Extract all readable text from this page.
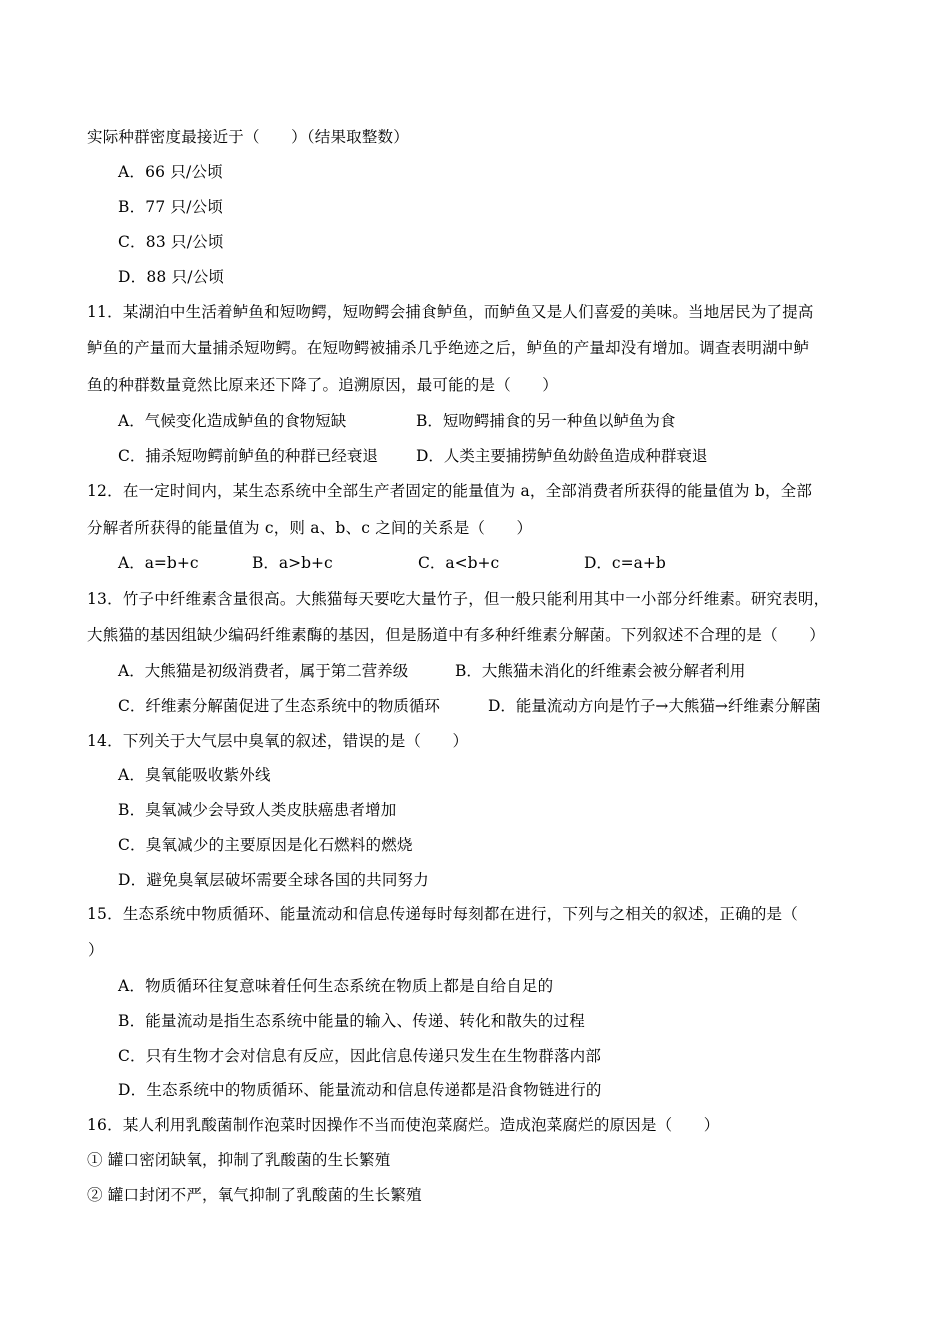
实际种群密度最接近于（　　）（结果取整数）
A．66 只/公顷
B．77 只/公顷
C．83 只/公顷
D．88 只/公顷
11．某湖泊中生活着鲈鱼和短吻鳄，短吻鳄会捕食鲈鱼，而鲈鱼又是人们喜爱的美味。当地居民为了提高
鲈鱼的产量而大量捕杀短吻鳄。在短吻鳄被捕杀几乎绝迹之后，鲈鱼的产量却没有增加。调查表明湖中鲈
鱼的种群数量竟然比原来还下降了。追溯原因，最可能的是（　　）
A．气候变化造成鲈鱼的食物短缺	B．短吻鳄捕食的另一种鱼以鲈鱼为食
C．捕杀短吻鳄前鲈鱼的种群已经衰退 D．人类主要捕捞鲈鱼幼龄鱼造成种群衰退
12．在一定时间内，某生态系统中全部生产者固定的能量值为 a，全部消费者所获得的能量值为 b，全部
分解者所获得的能量值为 c，则 a、b、c 之间的关系是（　　）
A．a=b+c	B．a>b+c	C．a<b+c	D．c=a+b
13．竹子中纤维素含量很高。大熊猫每天要吃大量竹子，但一般只能利用其中一小部分纤维素。研究表明，
大熊猫的基因组缺少编码纤维素酶的基因，但是肠道中有多种纤维素分解菌。下列叙述不合理的是（　　）
A．大熊猫是初级消费者，属于第二营养级	B．大熊猫未消化的纤维素会被分解者利用
C．纤维素分解菌促进了生态系统中的物质循环	D．能量流动方向是竹子→大熊猫→纤维素分解菌
14．下列关于大气层中臭氧的叙述，错误的是（　　）
A．臭氧能吸收紫外线
B．臭氧减少会导致人类皮肤癌患者增加
C．臭氧减少的主要原因是化石燃料的燃烧
D．避免臭氧层破坏需要全球各国的共同努力
15．生态系统中物质循环、能量流动和信息传递每时每刻都在进行，下列与之相关的叙述，正确的是（
）
A．物质循环往复意味着任何生态系统在物质上都是自给自足的
B．能量流动是指生态系统中能量的输入、传递、转化和散失的过程
C．只有生物才会对信息有反应，因此信息传递只发生在生物群落内部
D．生态系统中的物质循环、能量流动和信息传递都是沿食物链进行的
16．某人利用乳酸菌制作泡菜时因操作不当而使泡菜腐烂。造成泡菜腐烂的原因是（　　）
① 罐口密闭缺氧，抑制了乳酸菌的生长繁殖
② 罐口封闭不严，氧气抑制了乳酸菌的生长繁殖
